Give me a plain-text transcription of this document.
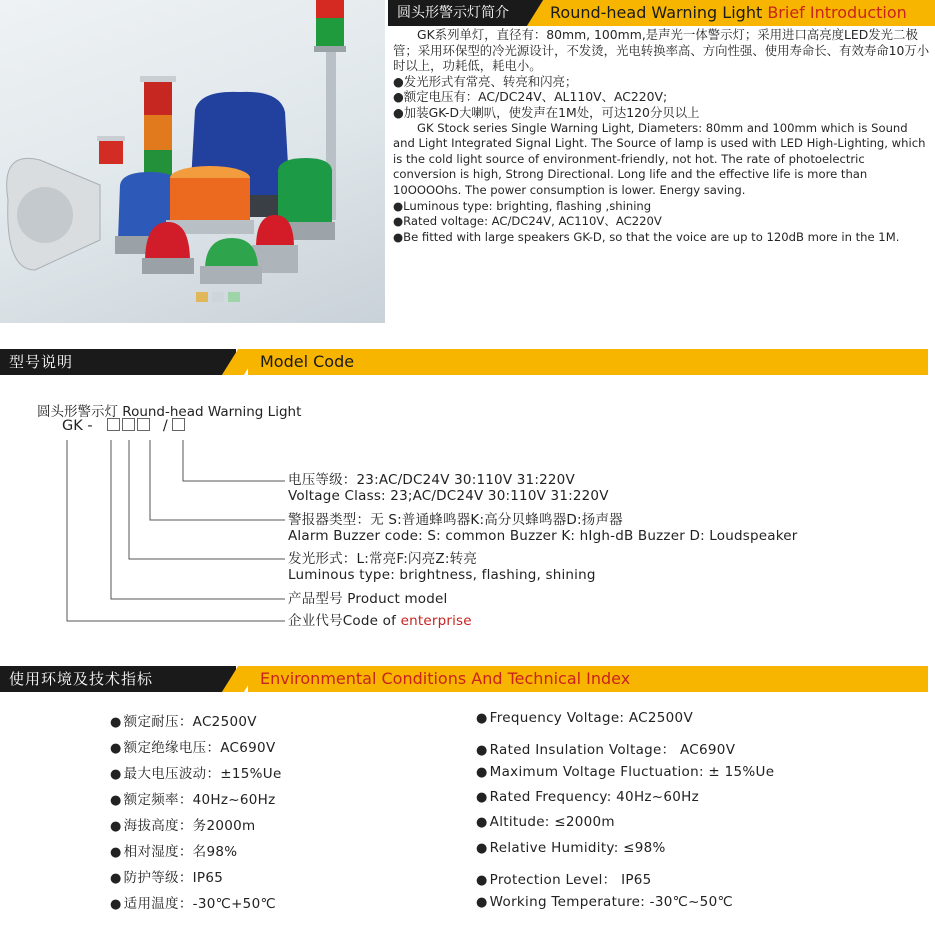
圆头形警示灯简介	Round-head Warning Light Brief Introduction

GK系列单灯，直径有：80mm, 100mm,是声光一体警示灯；采用进口高亮度LED发光二极管；采用环保型的冷光源设计，不发烫，光电转换率高、方向性强、使用寿命长、有效寿命10万小时以上，功耗低，耗电小。

●发光形式有常亮、转亮和闪亮；

●额定电压有：AC/DC24V、AL110V、AC220V;

●加装GK-D大喇叭，使发声在1M处，可达120分贝以上

GK Stock series Single Warning Light, Diameters: 80mm and 100mm which is Sound and Light Integrated Signal Light. The Source of lamp is used with LED High-Lighting, which is the cold light source of environment-friendly, not hot. The rate of photoelectric conversion is high, Strong Directional. Long life and the effective life is more than 10OOOOhs. The power consumption is lower. Energy saving.

●Luminous type: brighting, flashing ,shining

●Rated voltage: AC/DC24V, AC110V、AC220V

●Be fitted with large speakers GK-D, so that the voice are up to 120dB more in the 1M.

型号说明	Model Code
圆头形警示灯 Round-head Warning Light
GK -	/
电压等级：23:AC/DC24V 30:110V 31:220V
Voltage Class: 23;AC/DC24V 30:110V 31:220V
警报器类型：无 S:普通蜂鸣器K:高分贝蜂鸣器D:扬声器
Alarm Buzzer code: S: common Buzzer K: hIgh-dB Buzzer D: Loudspeaker
发光形式：L:常亮F:闪亮Z:转亮
Luminous type: brightness, flashing, shining
产品型号 Product model
企业代号Code of enterprise
使用环境及技术指标	Environmental Conditions And Technical Index
● 额定耐压：AC2500V
● 额定绝缘电压：AC690V
● 最大电压波动：±15%Ue
● 额定频率：40Hz~60Hz
● 海拔高度：务2000m
● 相对湿度：名98%
● 防护等级：IP65
● 适用温度：-30℃+50℃
● Frequency Voltage: AC2500V
● Rated Insulation Voltage： AC690V
● Maximum Voltage Fluctuation: ± 15%Ue
● Rated Frequency: 40Hz~60Hz
● Altitude: ≤2000m
● Relative Humidity: ≤98%
● Protection Level： IP65
● Working Temperature: -30℃~50℃
